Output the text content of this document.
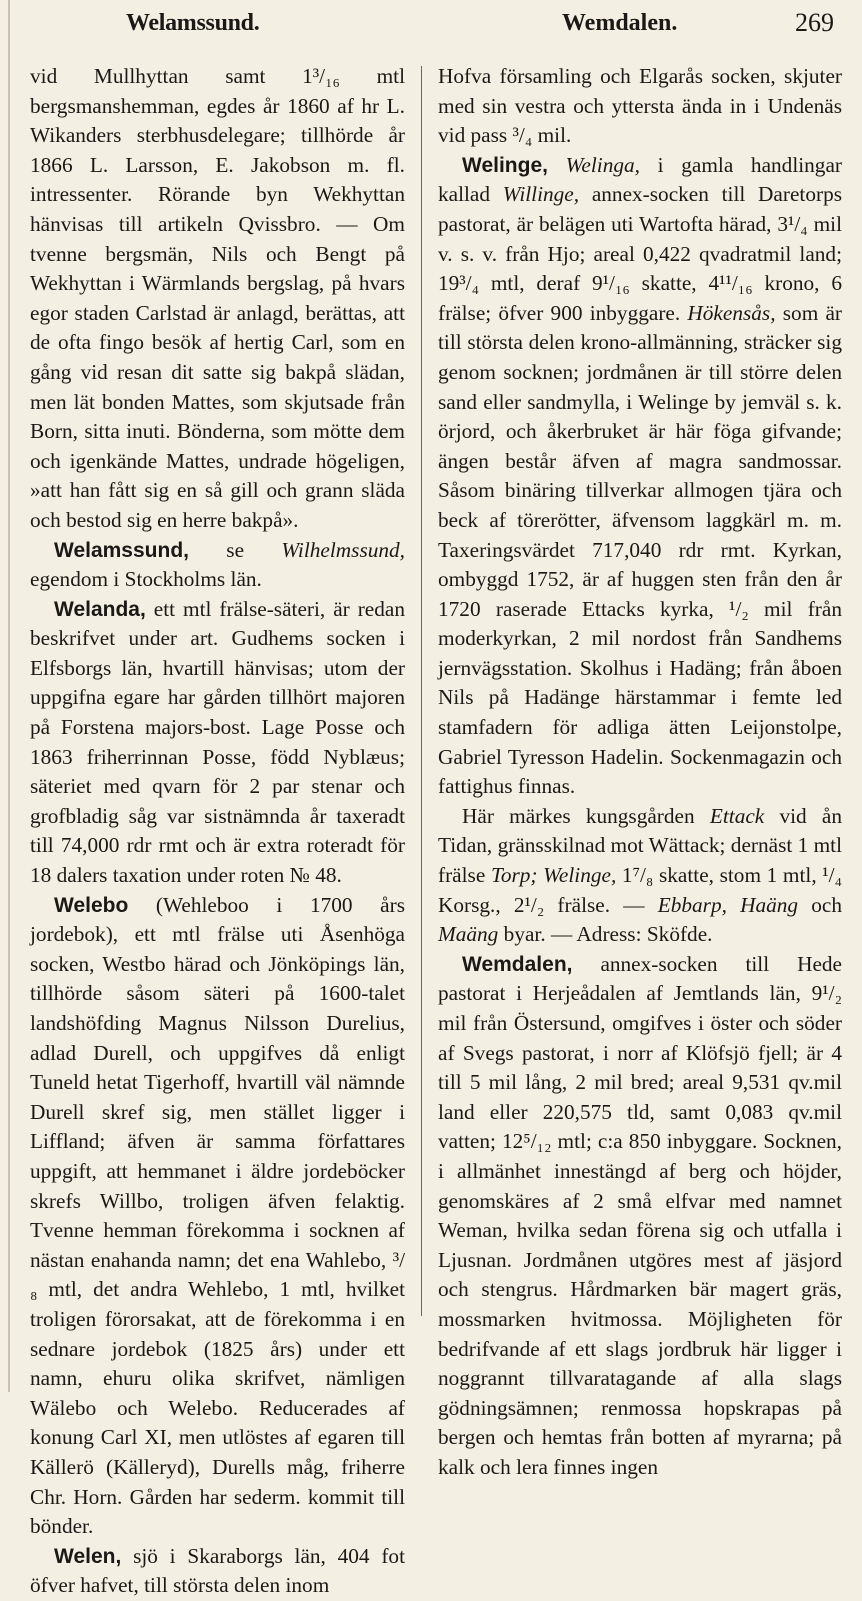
Welamssund.	Wemdalen.	269

vid Mullhyttan samt 1³/₁₆ mtl bergsmanshemman, egdes år 1860 af hr L. Wikanders sterbhusdelegare; tillhörde år 1866 L. Larsson, E. Jakobson m. fl. intressenter. Rörande byn Wekhyttan hänvisas till artikeln Qvissbro. — Om tvenne bergsmän, Nils och Bengt på Wekhyttan i Wärmlands bergslag, på hvars egor staden Carlstad är anlagd, berättas, att de ofta fingo besök af hertig Carl, som en gång vid resan dit satte sig bakpå slädan, men lät bonden Mattes, som skjutsade från Born, sitta inuti. Bönderna, som mötte dem och igenkände Mattes, undrade högeligen, »att han fått sig en så gill och grann släda och bestod sig en herre bakpå».

Welamssund, se Wilhelmssund, egendom i Stockholms län.

Welanda, ett mtl frälse-säteri, är redan beskrifvet under art. Gudhems socken i Elfsborgs län, hvartill hänvisas; utom der uppgifna egare har gården tillhört majoren på Forstena majors-bost. Lage Posse och 1863 friherrinnan Posse, född Nyblæus; säteriet med qvarn för 2 par stenar och grofbladig såg var sistnämnda år taxeradt till 74,000 rdr rmt och är extra roteradt för 18 dalers taxation under roten № 48.

Welebo (Wehleboo i 1700 års jordebok), ett mtl frälse uti Åsenhöga socken, Westbo härad och Jönköpings län, tillhörde såsom säteri på 1600-talet landshöfding Magnus Nilsson Durelius, adlad Durell, och uppgifves då enligt Tuneld hetat Tigerhoff, hvartill väl nämnde Durell skref sig, men stället ligger i Liffland; äfven är samma författares uppgift, att hemmanet i äldre jordeböcker skrefs Willbo, troligen äfven felaktig. Tvenne hemman förekomma i socknen af nästan enahanda namn; det ena Wahlebo, ³/₈ mtl, det andra Wehlebo, 1 mtl, hvilket troligen förorsakat, att de förekomma i en sednare jordebok (1825 års) under ett namn, ehuru olika skrifvet, nämligen Wälebo och Welebo. Reducerades af konung Carl XI, men utlöstes af egaren till Källerö (Källeryd), Durells måg, friherre Chr. Horn. Gården har sederm. kommit till bönder.

Welen, sjö i Skaraborgs län, 404 fot öfver hafvet, till största delen inom

Hofva församling och Elgarås socken, skjuter med sin vestra och yttersta ända in i Undenäs vid pass ³/₄ mil.

Welinge, Welinga, i gamla handlingar kallad Willinge, annex-socken till Daretorps pastorat, är belägen uti Wartofta härad, 3¹/₄ mil v. s. v. från Hjo; areal 0,422 qvadratmil land; 19³/₄ mtl, deraf 9¹/₁₆ skatte, 4¹¹/₁₆ krono, 6 frälse; öfver 900 inbyggare. Hökensås, som är till största delen krono-allmänning, sträcker sig genom socknen; jordmånen är till större delen sand eller sandmylla, i Welinge by jemväl s. k. örjord, och åkerbruket är här föga gifvande; ängen består äfven af magra sandmossar. Såsom binäring tillverkar allmogen tjära och beck af törerötter, äfvensom laggkärl m. m. Taxeringsvärdet 717,040 rdr rmt. Kyrkan, ombyggd 1752, är af huggen sten från den år 1720 raserade Ettacks kyrka, ¹/₂ mil från moderkyrkan, 2 mil nordost från Sandhems jernvägsstation. Skolhus i Hadäng; från åboen Nils på Hadänge härstammar i femte led stamfadern för adliga ätten Leijonstolpe, Gabriel Tyresson Hadelin. Sockenmagazin och fattighus finnas.

Här märkes kungsgården Ettack vid ån Tidan, gränsskilnad mot Wättack; dernäst 1 mtl frälse Torp; Welinge, 1⁷/₈ skatte, stom 1 mtl, ¹/₄ Korsg., 2¹/₂ frälse. — Ebbarp, Haäng och Maäng byar. — Adress: Sköfde.

Wemdalen, annex-socken till Hede pastorat i Herjeådalen af Jemtlands län, 9¹/₂ mil från Östersund, omgifves i öster och söder af Svegs pastorat, i norr af Klöfsjö fjell; är 4 till 5 mil lång, 2 mil bred; areal 9,531 qv.mil land eller 220,575 tld, samt 0,083 qv.mil vatten; 12⁵/₁₂ mtl; c:a 850 inbyggare. Socknen, i allmänhet innestängd af berg och höjder, genomskäres af 2 små elfvar med namnet Weman, hvilka sedan förena sig och utfalla i Ljusnan. Jordmånen utgöres mest af jäsjord och stengrus. Hårdmarken bär magert gräs, mossmarken hvitmossa. Möjligheten för bedrifvande af ett slags jordbruk här ligger i noggrannt tillvaratagande af alla slags gödningsämnen; renmossa hopskrapas på bergen och hemtas från botten af myrarna; på kalk och lera finnes ingen
